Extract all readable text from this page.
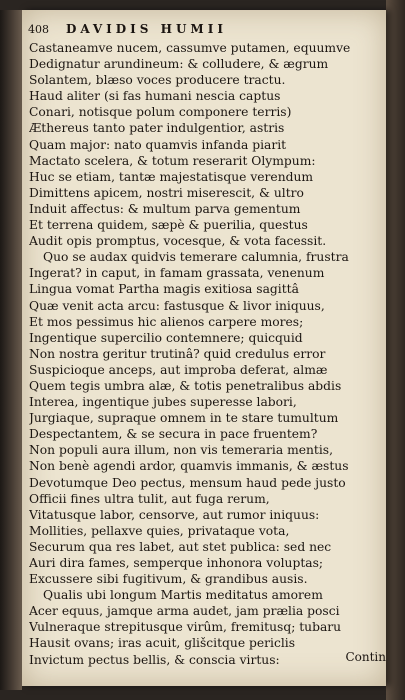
408	DAVIDIS HUMII
Castaneamve nucem, cassumve putamen, equumve
Dedignatur arundineum: & colludere, & ægrum
Solantem, blæso voces producere tractu.
Haud aliter (si fas humani nescia captus
Conari, notisque polum componere terris)
Æthereus tanto pater indulgentior, astris
Quam major: nato quamvis infanda piarit
Mactato scelera, & totum reserarit Olympum:
Huc se etiam, tantæ majestatisque verendum
Dimittens apicem, nostri miserescit, & ultro
Induit affectus: & multum parva gementum
Et terrena quidem, sæpè & puerilia, questus
Audit opis promptus, vocesque, & vota facessit.
Quo se audax quidvis temerare calumnia, frustra
Ingerat? in caput, in famam grassata, venenum
Lingua vomat Partha magis exitiosa sagittâ
Quæ venit acta arcu: fastusque & livor iniquus,
Et mos pessimus hic alienos carpere mores;
Ingentique supercilio contemnere; quicquid
Non nostra geritur trutinâ? quid credulus error
Suspicioque anceps, aut improba deferat, almæ
Quem tegis umbra alæ, & totis penetralibus abdis
Interea, ingentique jubes superesse labori,
Jurgiaque, supraque omnem in te stare tumultum
Despectantem, & se secura in pace fruentem?
Non populi aura illum, non vis temeraria mentis,
Non benè agendi ardor, quamvis immanis, & æstus
Devotumque Deo pectus, mensum haud pede justo
Officii fines ultra tulit, aut fuga rerum,
Vitatusque labor, censorve, aut rumor iniquus:
Mollities, pellaxve quies, privataque vota,
Securum qua res labet, aut stet publica: sed nec
Auri dira fames, semperque inhonora voluptas;
Excussere sibi fugitivum, & grandibus ausis.
Qualis ubi longum Martis meditatus amorem
Acer equus, jamque arma audet, jam prælia posci
Vulneraque strepitusque virûm, fremitusq; tubaru
Hausit ovans; iras acuit, glišcitque periclis
Invictum pectus bellis, & conscia virtus:	Contin
